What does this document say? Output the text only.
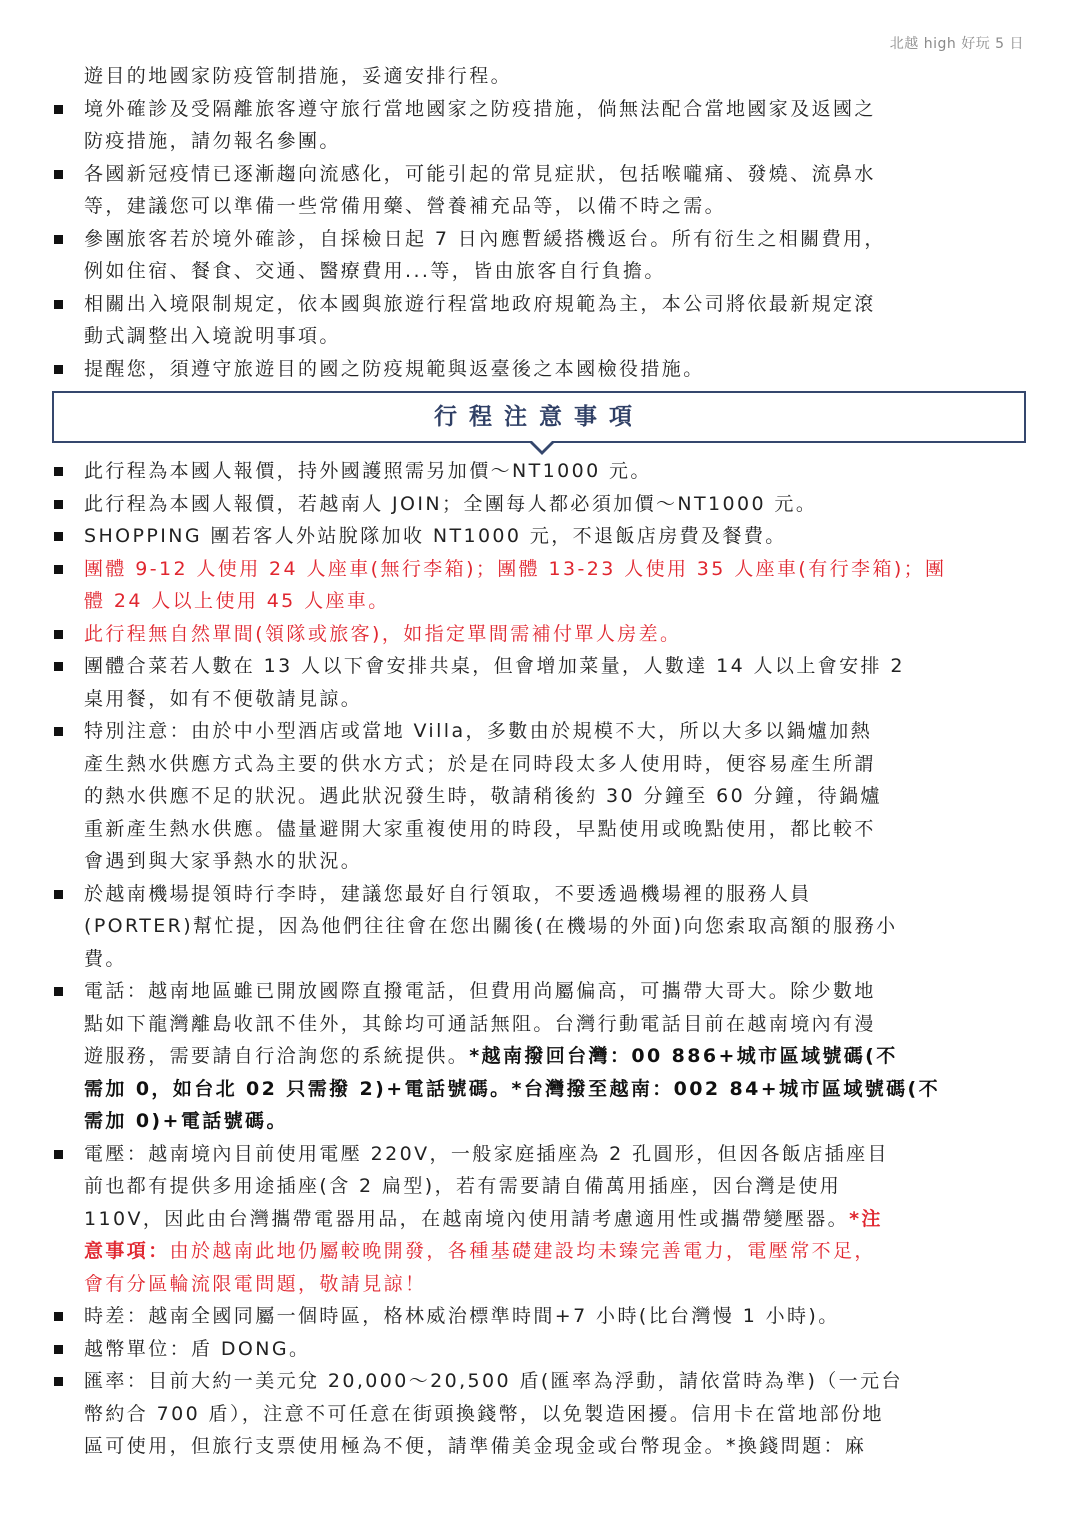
北越 high 好玩 5 日
遊目的地國家防疫管制措施，妥適安排行程。
境外確診及受隔離旅客遵守旅行當地國家之防疫措施，倘無法配合當地國家及返國之
防疫措施，請勿報名參團。
各國新冠疫情已逐漸趨向流感化，可能引起的常見症狀，包括喉嚨痛、發燒、流鼻水
等，建議您可以準備一些常備用藥、營養補充品等，以備不時之需。
參團旅客若於境外確診，自採檢日起 7 日內應暫緩搭機返台。所有衍生之相關費用，
例如住宿、餐食、交通、醫療費用...等，皆由旅客自行負擔。
相關出入境限制規定，依本國與旅遊行程當地政府規範為主，本公司將依最新規定滾
動式調整出入境說明事項。
提醒您，須遵守旅遊目的國之防疫規範與返臺後之本國檢役措施。
行程注意事項
此行程為本國人報價，持外國護照需另加價～NT1000 元。
此行程為本國人報價，若越南人 JOIN；全團每人都必須加價～NT1000 元。
SHOPPING 團若客人外站脫隊加收 NT1000 元，不退飯店房費及餐費。
團體 9-12 人使用 24 人座車(無行李箱)；團體 13-23 人使用 35 人座車(有行李箱)；團
體 24 人以上使用 45 人座車。
此行程無自然單間(領隊或旅客)，如指定單間需補付單人房差。
團體合菜若人數在 13 人以下會安排共桌，但會增加菜量，人數達 14 人以上會安排 2
桌用餐，如有不便敬請見諒。
特別注意：由於中小型酒店或當地 Villa，多數由於規模不大，所以大多以鍋爐加熱
產生熱水供應方式為主要的供水方式；於是在同時段太多人使用時，便容易產生所謂
的熱水供應不足的狀況。遇此狀況發生時，敬請稍後約 30 分鐘至 60 分鐘，待鍋爐
重新產生熱水供應。儘量避開大家重複使用的時段，早點使用或晚點使用，都比較不
會遇到與大家爭熱水的狀況。
於越南機場提領時行李時，建議您最好自行領取，不要透過機場裡的服務人員
(PORTER)幫忙提，因為他們往往會在您出關後(在機場的外面)向您索取高額的服務小
費。
電話：越南地區雖已開放國際直撥電話，但費用尚屬偏高，可攜帶大哥大。除少數地
點如下龍灣離島收訊不佳外，其餘均可通話無阻。台灣行動電話目前在越南境內有漫
遊服務，需要請自行洽詢您的系統提供。*越南撥回台灣：00 886+城市區域號碼(不
需加 0，如台北 02 只需撥 2)+電話號碼。*台灣撥至越南：002 84+城市區域號碼(不
需加 0)+電話號碼。
電壓：越南境內目前使用電壓 220V，一般家庭插座為 2 孔圓形，但因各飯店插座目
前也都有提供多用途插座(含 2 扁型)，若有需要請自備萬用插座，因台灣是使用
110V，因此由台灣攜帶電器用品，在越南境內使用請考慮適用性或攜帶變壓器。*注
意事項：由於越南此地仍屬較晚開發，各種基礎建設均未臻完善電力，電壓常不足，
會有分區輪流限電問題，敬請見諒！
時差：越南全國同屬一個時區，格林威治標準時間+7 小時(比台灣慢 1 小時)。
越幣單位：盾 DONG。
匯率：目前大約一美元兌 20,000～20,500 盾(匯率為浮動，請依當時為準)（一元台
幣約合 700 盾），注意不可任意在街頭換錢幣，以免製造困擾。信用卡在當地部份地
區可使用，但旅行支票使用極為不便，請準備美金現金或台幣現金。*換錢問題：麻
